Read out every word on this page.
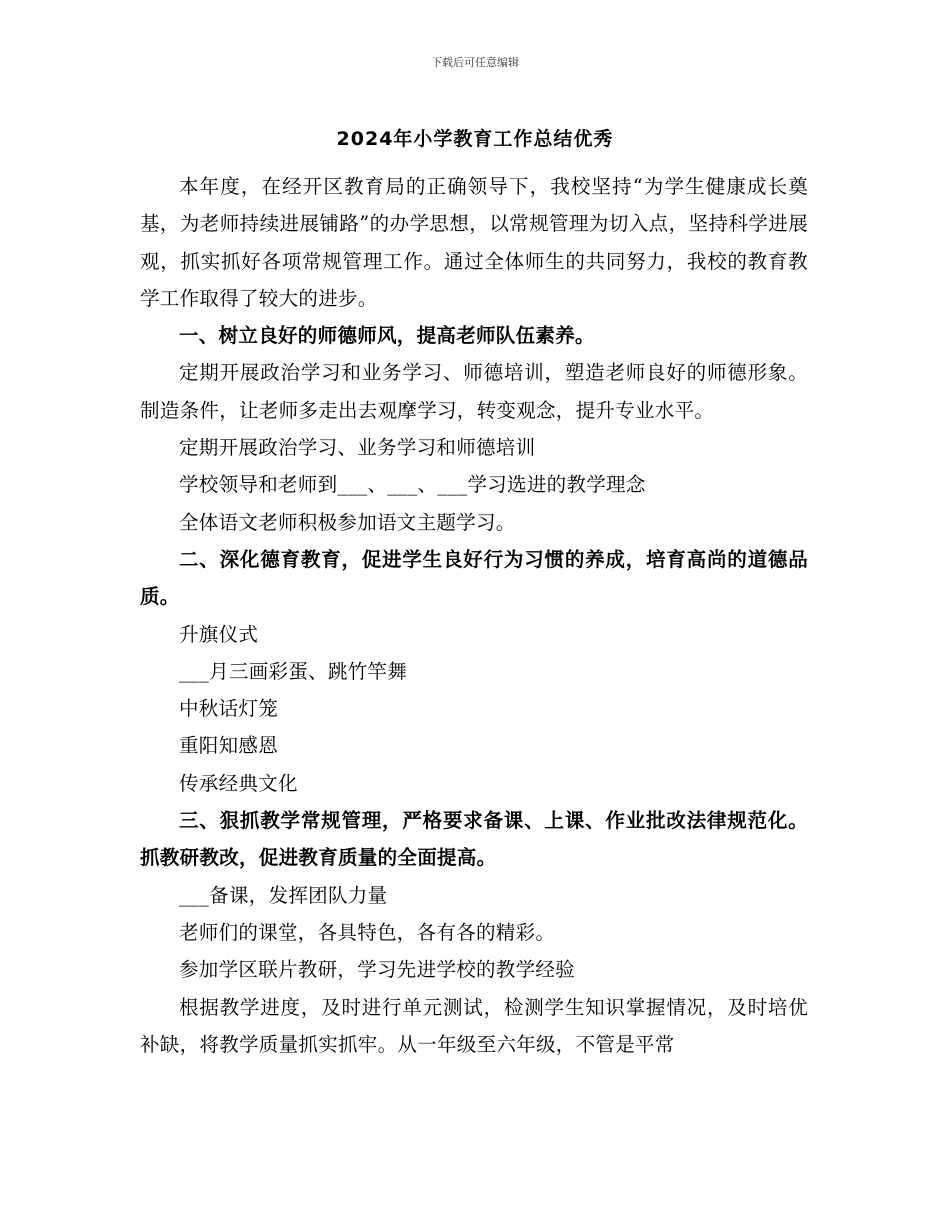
下载后可任意编辑
2024年小学教育工作总结优秀

本年度，在经开区教育局的正确领导下，我校坚持“为学生健康成长奠基，为老师持续进展铺路”的办学思想，以常规管理为切入点，坚持科学进展观，抓实抓好各项常规管理工作。通过全体师生的共同努力，我校的教育教学工作取得了较大的进步。

一、树立良好的师德师风，提高老师队伍素养。

定期开展政治学习和业务学习、师德培训，塑造老师良好的师德形象。制造条件，让老师多走出去观摩学习，转变观念，提升专业水平。

定期开展政治学习、业务学习和师德培训

学校领导和老师到___、___、___学习选进的教学理念

全体语文老师积极参加语文主题学习。

二、深化德育教育，促进学生良好行为习惯的养成，培育高尚的道德品质。

升旗仪式

___月三画彩蛋、跳竹竿舞

中秋话灯笼

重阳知感恩

传承经典文化

三、狠抓教学常规管理，严格要求备课、上课、作业批改法律规范化。抓教研教改，促进教育质量的全面提高。

___备课，发挥团队力量

老师们的课堂，各具特色，各有各的精彩。

参加学区联片教研，学习先进学校的教学经验

根据教学进度，及时进行单元测试，检测学生知识掌握情况，及时培优补缺，将教学质量抓实抓牢。从一年级至六年级，不管是平常
